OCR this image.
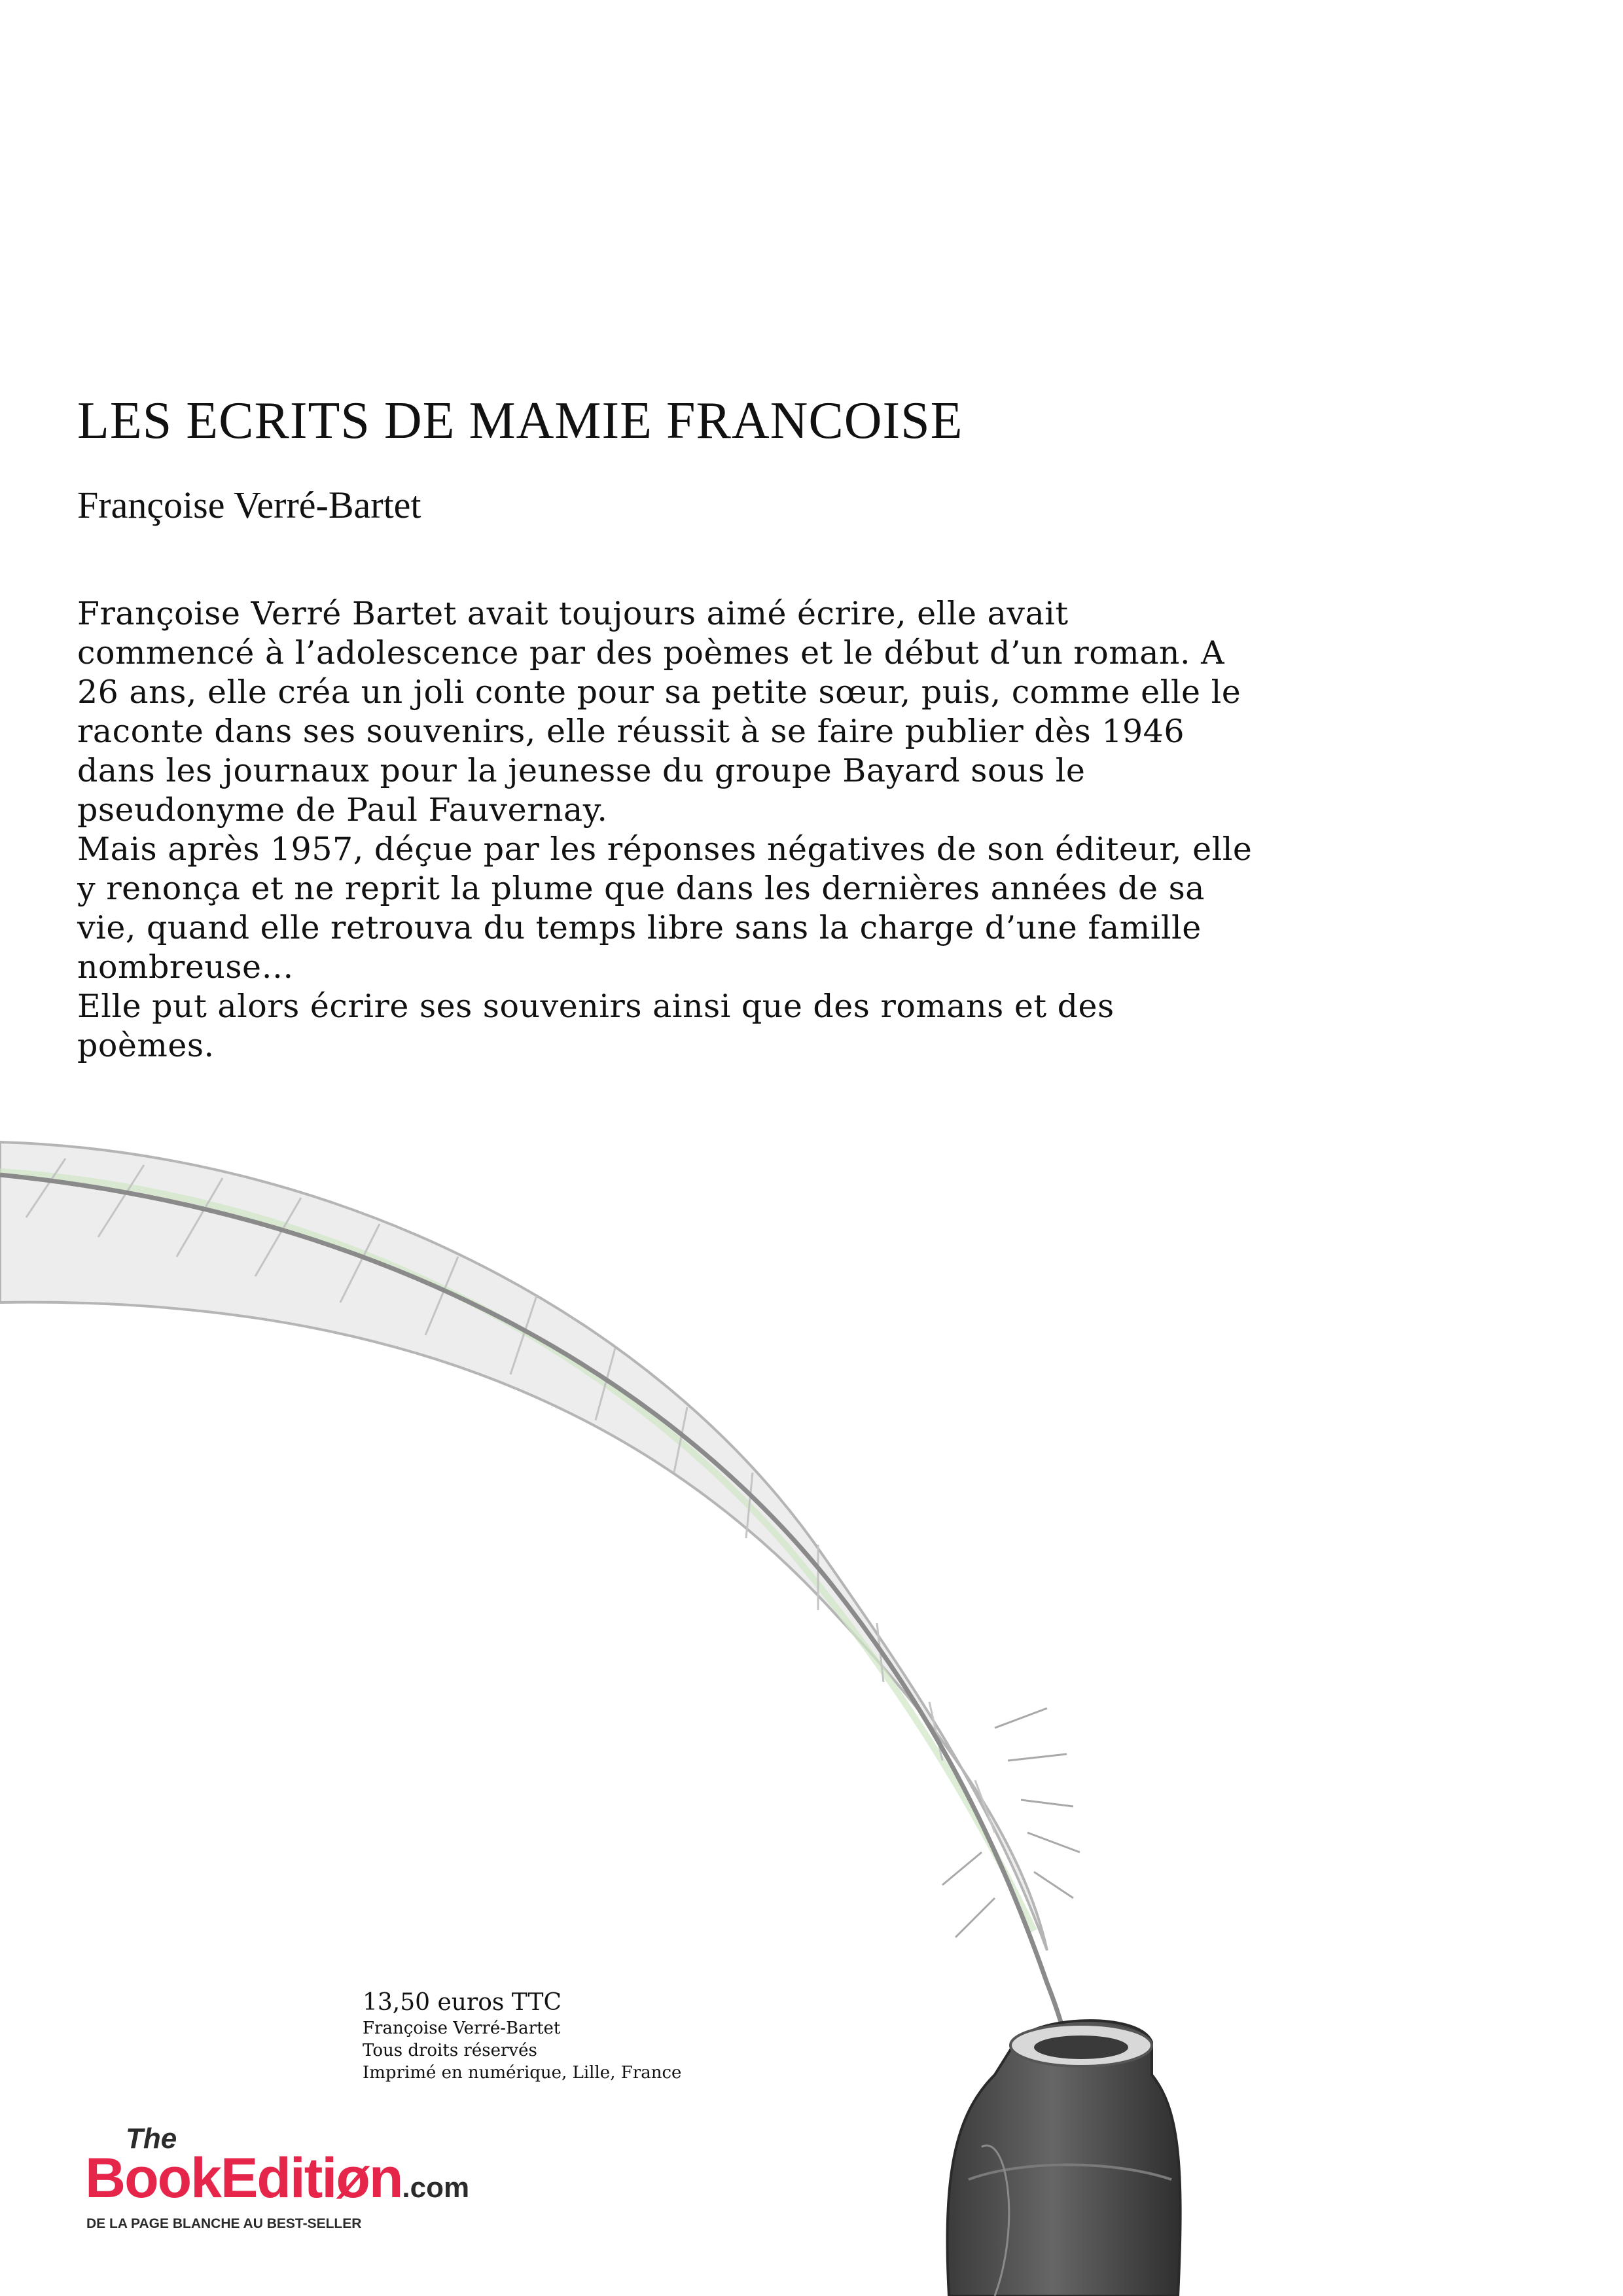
LES ECRITS DE MAMIE FRANCOISE
Françoise Verré-Bartet

Françoise Verré Bartet avait toujours aimé écrire, elle avait commencé à l’adolescence par des poèmes et le début d’un roman. A 26 ans, elle créa un joli conte pour sa petite sœur, puis, comme elle le raconte dans ses souvenirs, elle réussit à se faire publier dès 1946 dans les journaux pour la jeunesse du groupe Bayard sous le pseudonyme de Paul Fauvernay.

Mais après 1957, déçue par les réponses négatives de son éditeur, elle y renonça et ne reprit la plume que dans les dernières années de sa vie, quand elle retrouva du temps libre sans la charge d’une famille nombreuse…

Elle put alors écrire ses souvenirs ainsi que des romans et des poèmes.

13,50 euros TTC
Françoise Verré-Bartet
Tous droits réservés
Imprimé en numérique, Lille, France
The
BookEditiøn.com
DE LA PAGE BLANCHE AU BEST-SELLER
